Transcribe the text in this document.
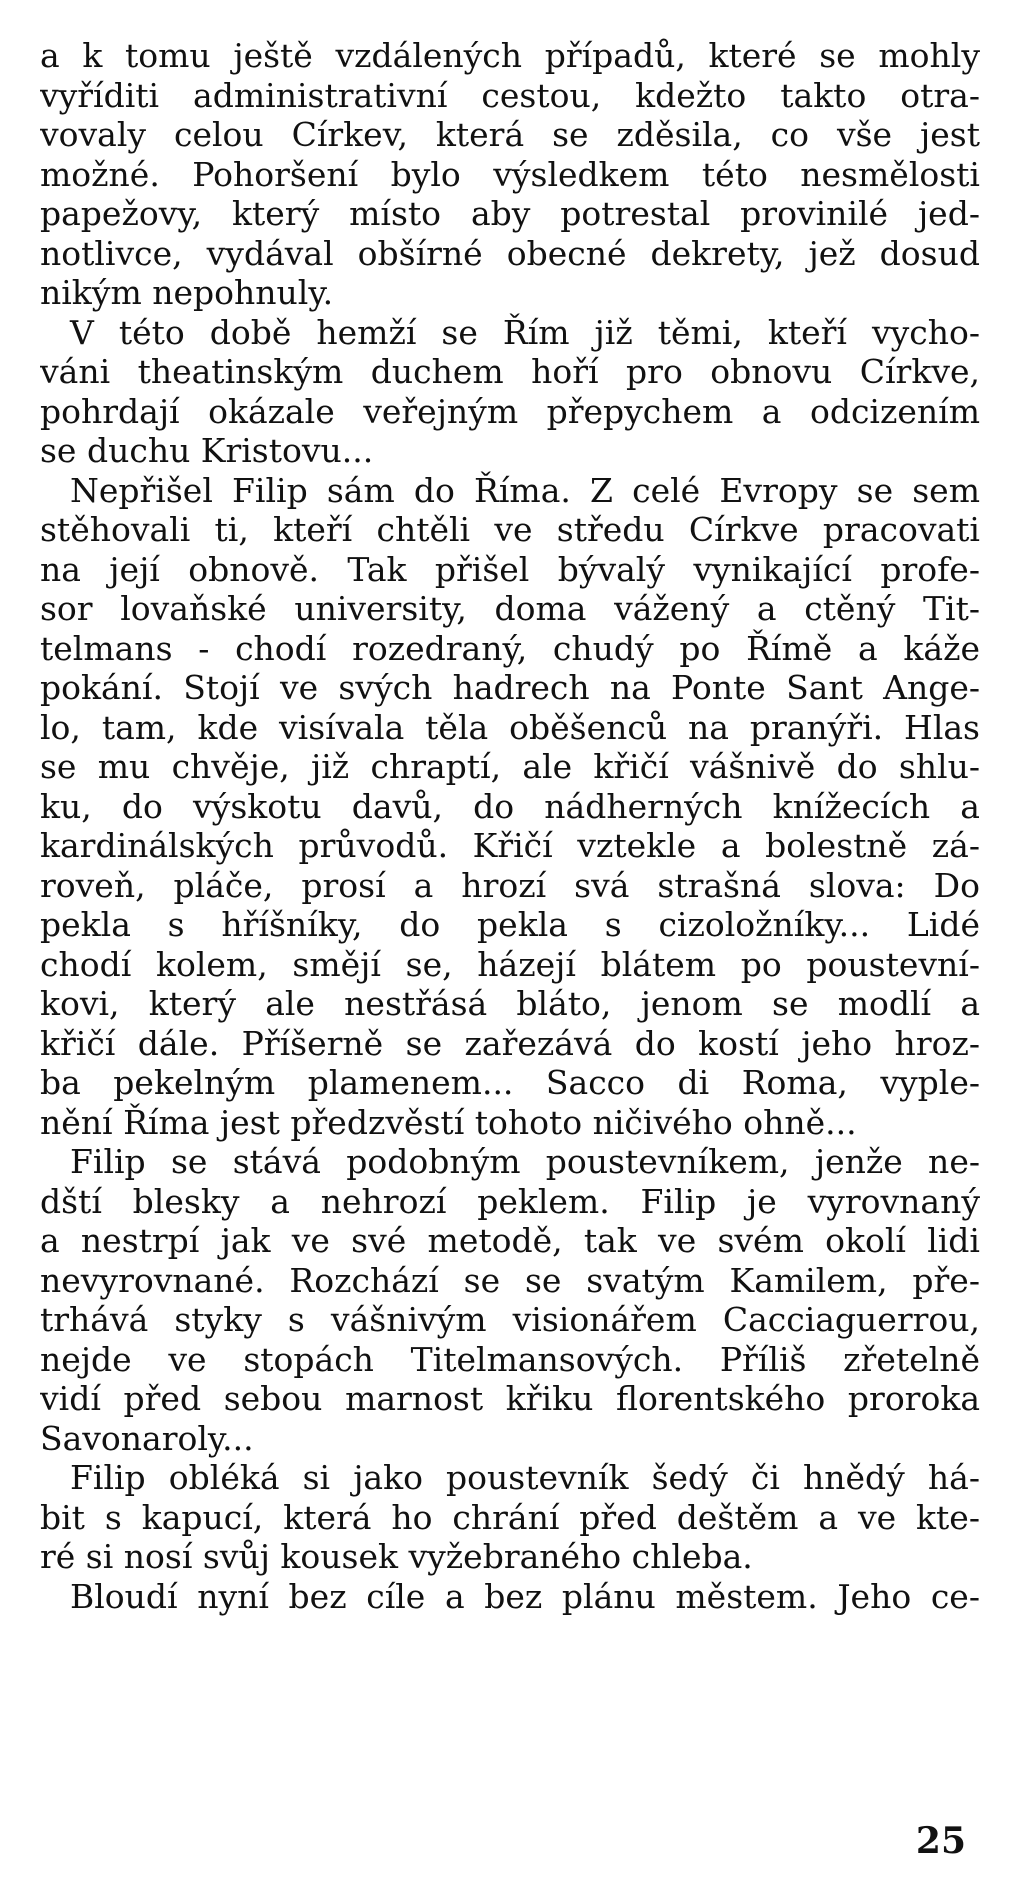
a k tomu ještě vzdálených případů, které se mohly
vyříditi administrativní cestou, kdežto takto otra-
vovaly celou Církev, která se zděsila, co vše jest
možné. Pohoršení bylo výsledkem této nesmělosti
papežovy, který místo aby potrestal provinilé jed-
notlivce, vydával obšírné obecné dekrety, jež dosud
nikým nepohnuly.
V této době hemží se Řím již těmi, kteří vycho-
váni theatinským duchem hoří pro obnovu Církve,
pohrdají okázale veřejným přepychem a odcizením
se duchu Kristovu...
Nepřišel Filip sám do Říma. Z celé Evropy se sem
stěhovali ti, kteří chtěli ve středu Církve pracovati
na její obnově. Tak přišel bývalý vynikající profe-
sor lovaňské university, doma vážený a ctěný Tit-
telmans - chodí rozedraný, chudý po Římě a káže
pokání. Stojí ve svých hadrech na Ponte Sant Ange-
lo, tam, kde visívala těla oběšenců na pranýři. Hlas
se mu chvěje, již chraptí, ale křičí vášnivě do shlu-
ku, do výskotu davů, do nádherných knížecích a
kardinálských průvodů. Křičí vztekle a bolestně zá-
roveň, pláče, prosí a hrozí svá strašná slova: Do
pekla s hříšníky, do pekla s cizoložníky... Lidé
chodí kolem, smějí se, házejí blátem po poustevní-
kovi, který ale nestřásá bláto, jenom se modlí a
křičí dále. Příšerně se zařezává do kostí jeho hroz-
ba pekelným plamenem... Sacco di Roma, vyple-
nění Říma jest předzvěstí tohoto ničivého ohně...
Filip se stává podobným poustevníkem, jenže ne-
dští blesky a nehrozí peklem. Filip je vyrovnaný
a nestrpí jak ve své metodě, tak ve svém okolí lidi
nevyrovnané. Rozchází se se svatým Kamilem, pře-
trhává styky s vášnivým visionářem Cacciaguerrou,
nejde ve stopách Titelmansových. Příliš zřetelně
vidí před sebou marnost křiku florentského proroka
Savonaroly...
Filip obléká si jako poustevník šedý či hnědý há-
bit s kapucí, která ho chrání před deštěm a ve kte-
ré si nosí svůj kousek vyžebraného chleba.
Bloudí nyní bez cíle a bez plánu městem. Jeho ce-
25
